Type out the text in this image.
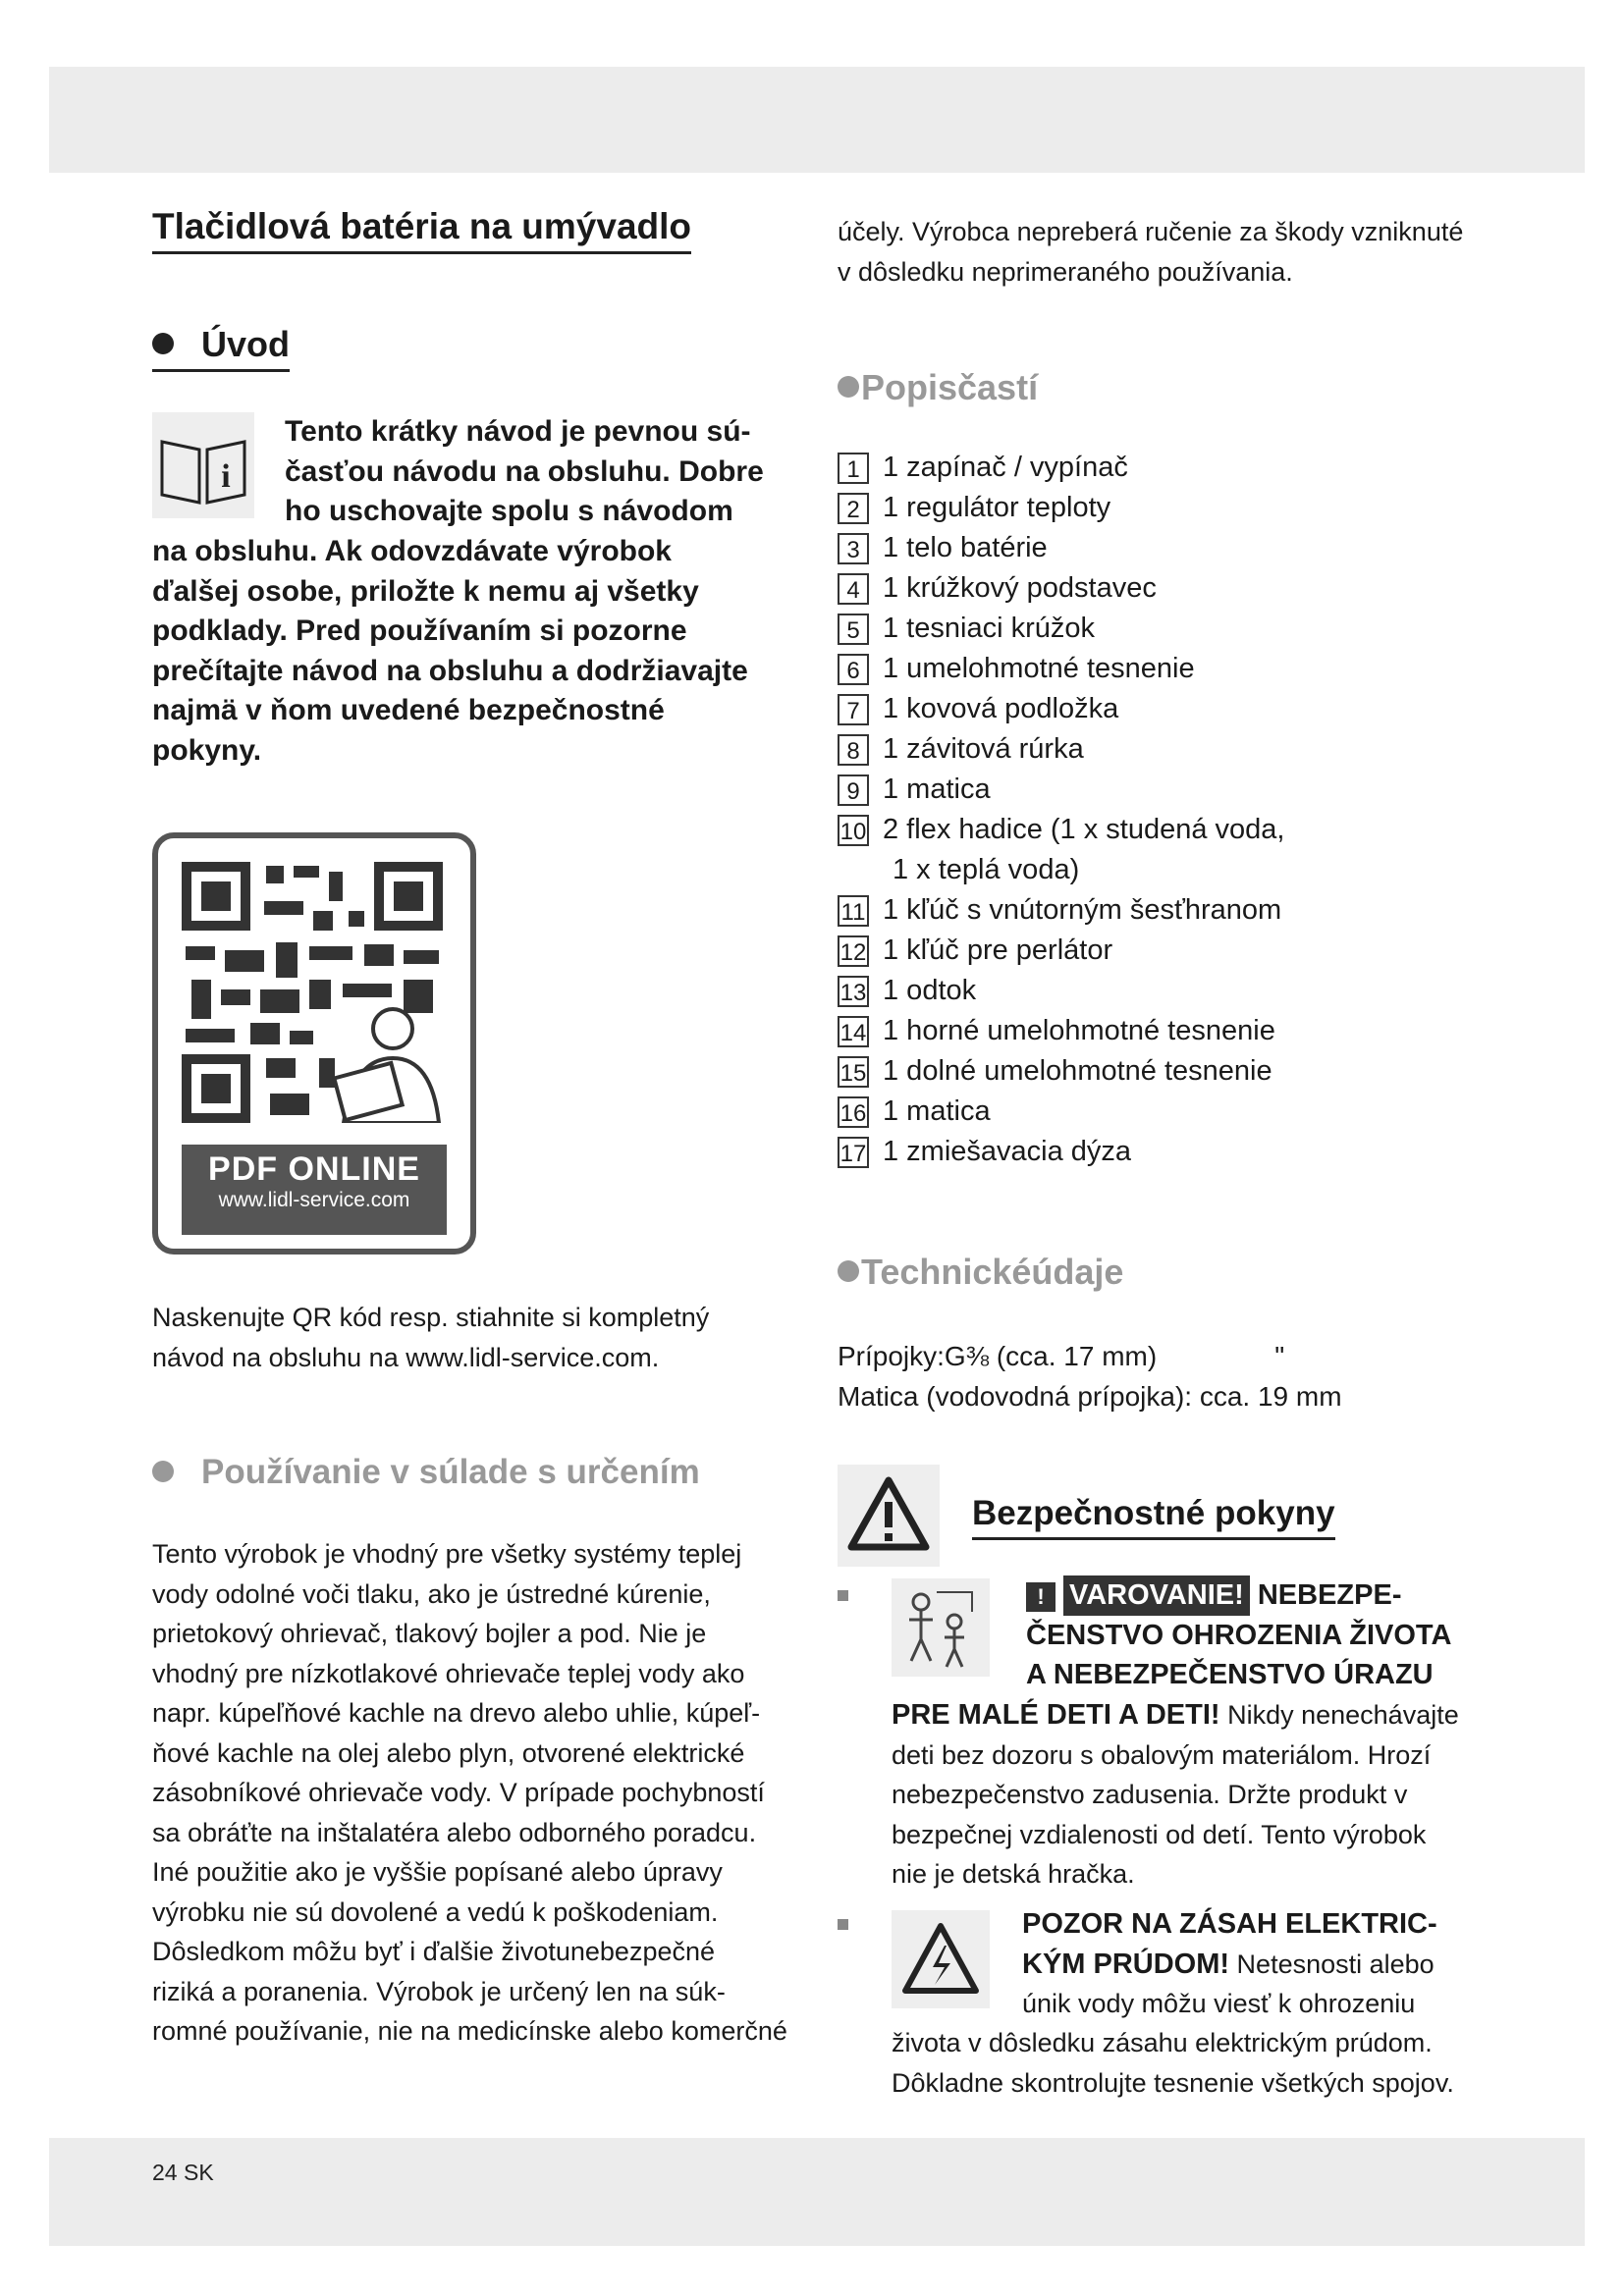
24 SK
Tlačidlová batéria na umývadlo
Úvod
i
Tento krátky návod je pevnou sú-
časťou návodu na obsluhu. Dobre
ho uschovajte spolu s návodom
na obsluhu. Ak odovzdávate výrobok
ďalšej osobe, priložte k nemu aj všetky
podklady. Pred používaním si pozorne
prečítajte návod na obsluhu a dodržiavajte
najmä v ňom uvedené bezpečnostné
pokyny.
PDF ONLINE
www.lidl-service.com
Naskenujte QR kód resp. stiahnite si kompletný
návod na obsluhu na www.lidl-service.com.
Používanie v súlade s určením
Tento výrobok je vhodný pre všetky systémy teplej
vody odolné voči tlaku, ako je ústredné kúrenie,
prietokový ohrievač, tlakový bojler a pod. Nie je
vhodný pre nízkotlakové ohrievače teplej vody ako
napr. kúpeľňové kachle na drevo alebo uhlie, kúpeľ-
ňové kachle na olej alebo plyn, otvorené elektrické
zásobníkové ohrievače vody. V prípade pochybností
sa obráťte na inštalatéra alebo odborného poradcu.
Iné použitie ako je vyššie popísané alebo úpravy
výrobku nie sú dovolené a vedú k poškodeniam.
Dôsledkom môžu byť i ďalšie životunebezpečné
riziká a poranenia. Výrobok je určený len na súk-
romné používanie, nie na medicínske alebo komerčné
účely. Výrobca nepreberá ručenie za škody vzniknuté
v dôsledku neprimeraného používania.
Popisčastí
1 1 zapínač / vypínač
2 1 regulátor teploty
3 1 telo batérie
4 1 krúžkový podstavec
5 1 tesniaci krúžok
6 1 umelohmotné tesnenie
7 1 kovová podložka
8 1 závitová rúrka
9 1 matica
10 2 flex hadice (1 x studená voda,
1 x teplá voda)
11 1 kľúč s vnútorným šesťhranom
12 1 kľúč pre perlátor
13 1 odtok
14 1 horné umelohmotné tesnenie
15 1 dolné umelohmotné tesnenie
16 1 matica
17 1 zmiešavacia dýza
Technickéúdaje
Prípojky:G⅜ (cca. 17 mm)	"
Matica (vodovodná prípojka): cca. 19 mm
Bezpečnostné pokyny
! VAROVANIE! NEBEZPE-
ČENSTVO OHROZENIA ŽIVOTA
A NEBEZPEČENSTVO ÚRAZU
PRE MALÉ DETI A DETI! Nikdy nenechávajte
deti bez dozoru s obalovým materiálom. Hrozí
nebezpečenstvo zadusenia. Držte produkt v
bezpečnej vzdialenosti od detí. Tento výrobok
nie je detská hračka.
POZOR NA ZÁSAH ELEKTRIC-
KÝM PRÚDOM! Netesnosti alebo
únik vody môžu viesť k ohrozeniu
života v dôsledku zásahu elektrickým prúdom.
Dôkladne skontrolujte tesnenie všetkých spojov.
